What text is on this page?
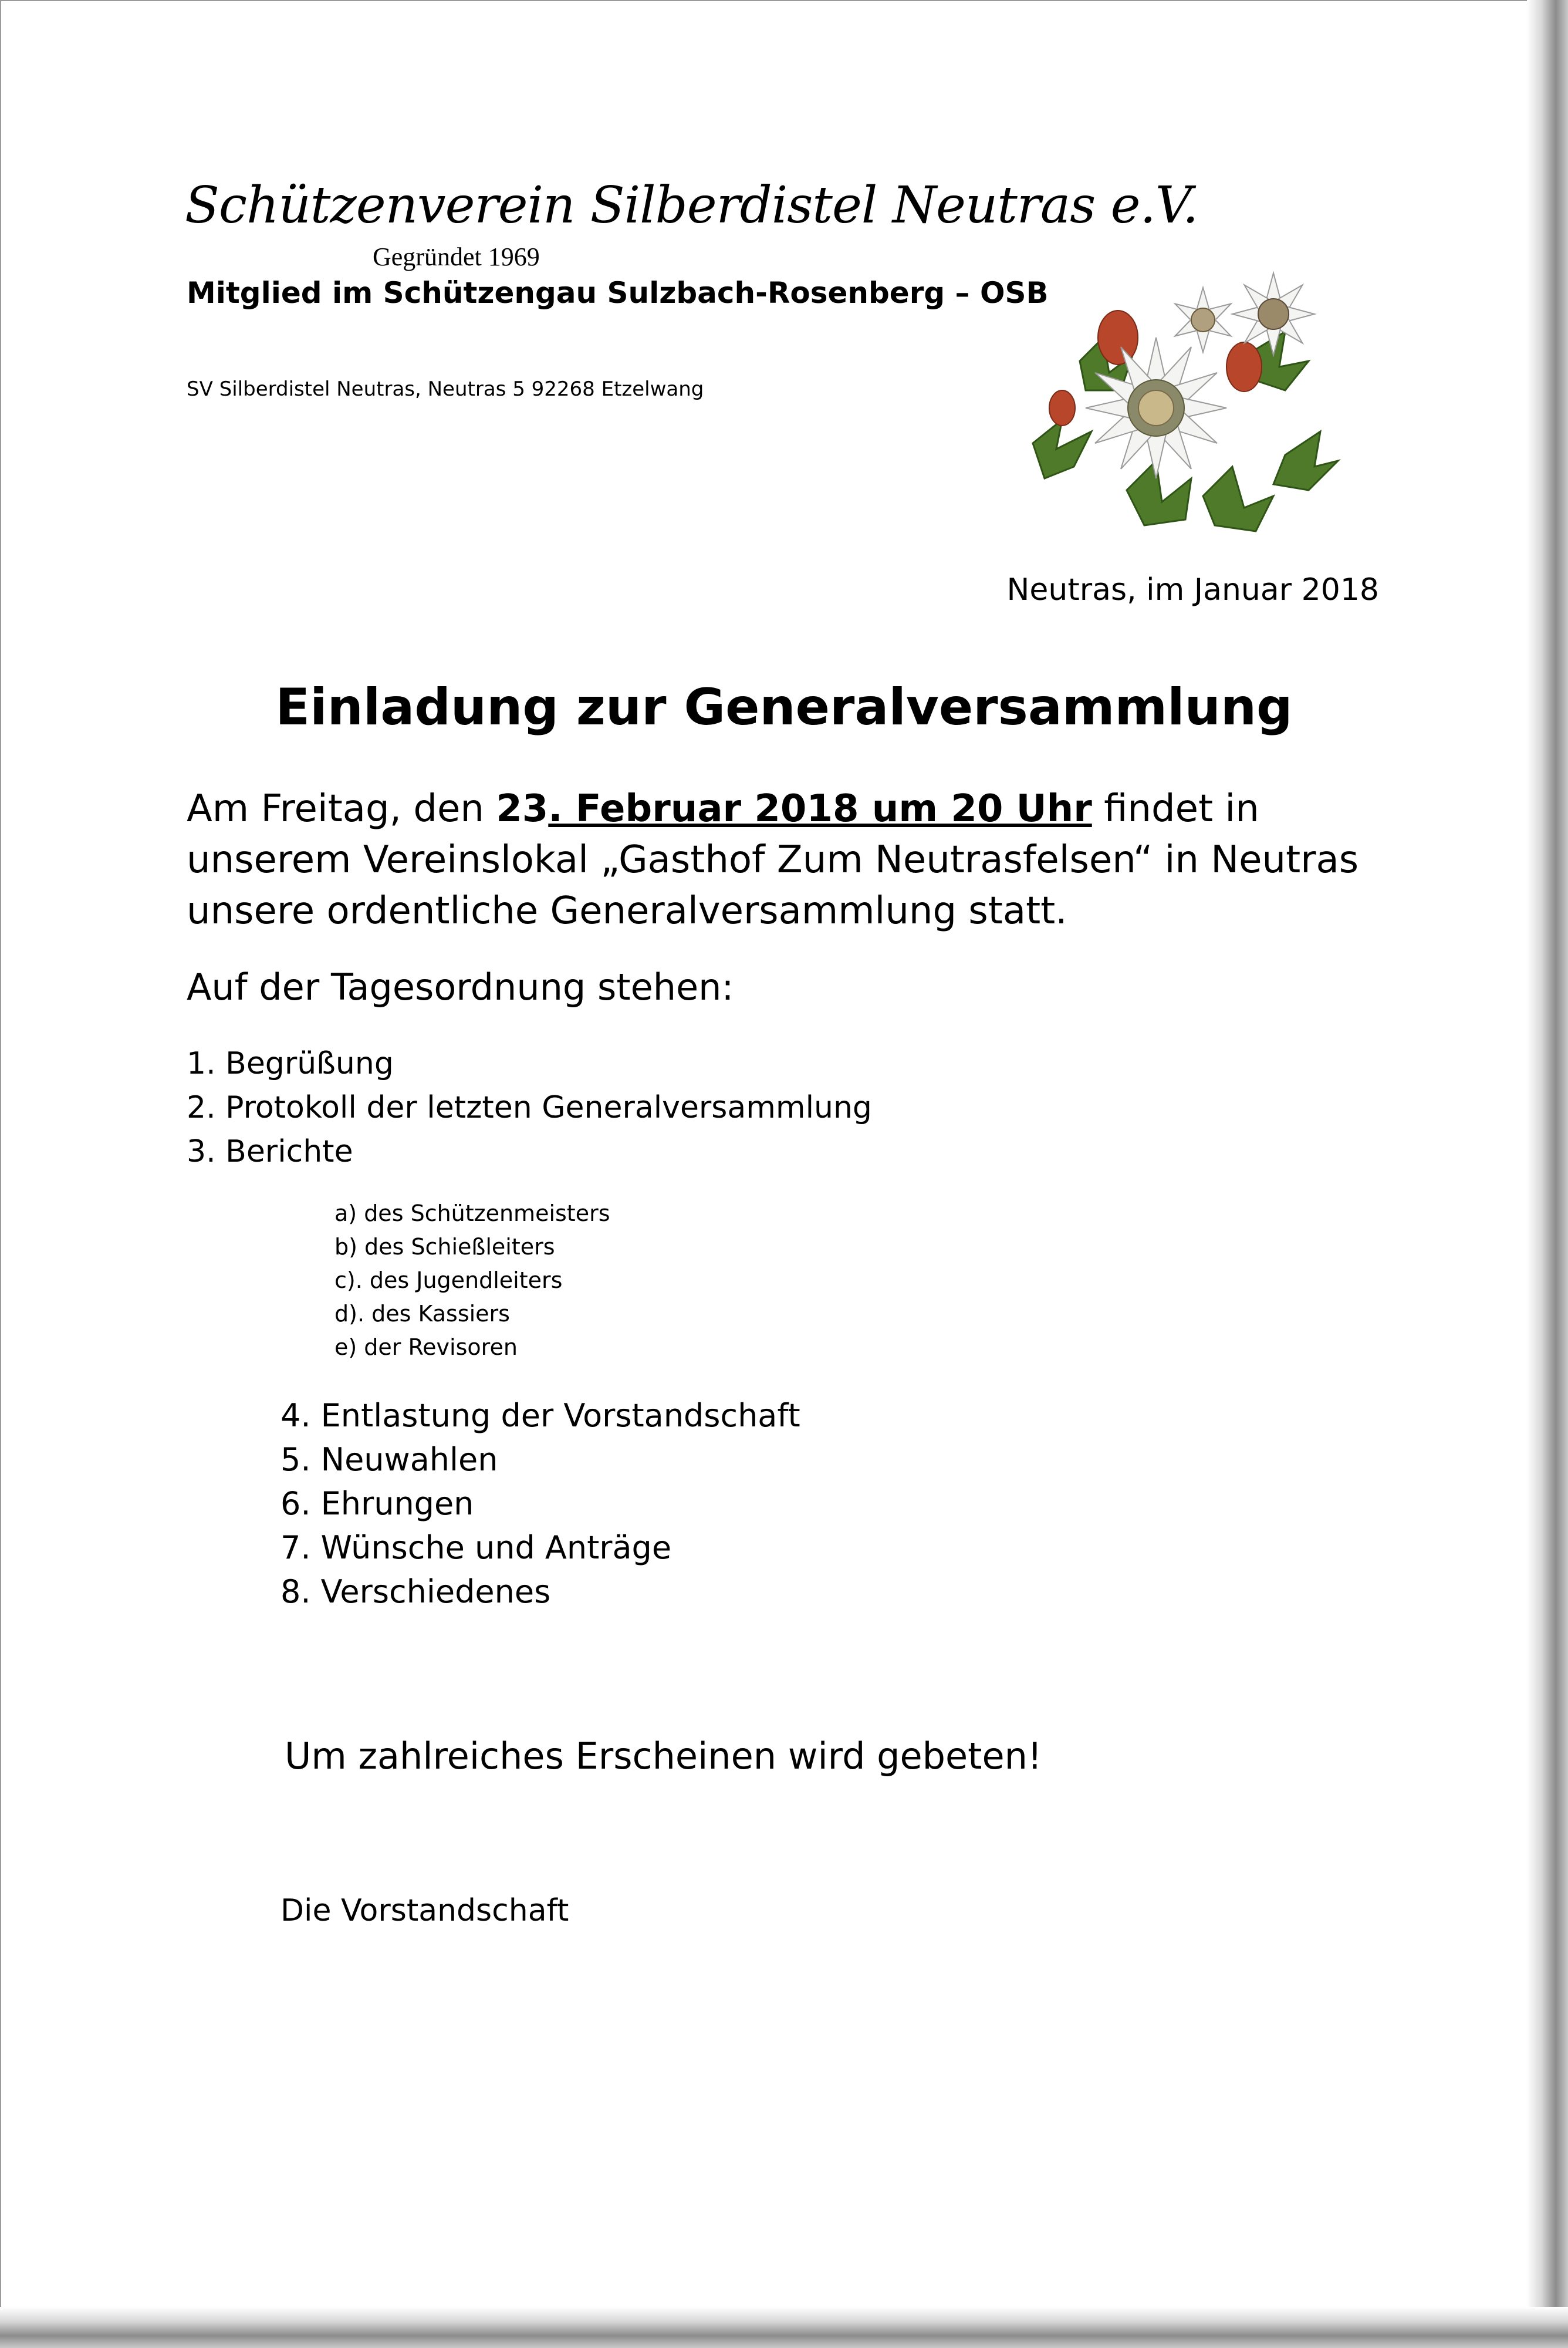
Schützenverein Silberdistel Neutras e.V.
Gegründet 1969
Mitglied im Schützengau Sulzbach-Rosenberg – OSB
SV Silberdistel Neutras, Neutras 5 92268 Etzelwang
Neutras, im Januar 2018
Einladung zur Generalversammlung
Am Freitag, den 23. Februar 2018 um 20 Uhr findet in unserem Vereinslokal „Gasthof Zum Neutrasfelsen“ in Neutras unsere ordentliche Generalversammlung statt.
Auf der Tagesordnung stehen:
1. Begrüßung
2. Protokoll der letzten Generalversammlung
3. Berichte
a) des Schützenmeisters
b) des Schießleiters
c). des Jugendleiters
d). des Kassiers
e) der Revisoren
4. Entlastung der Vorstandschaft
5. Neuwahlen
6. Ehrungen
7. Wünsche und Anträge
8. Verschiedenes
Um zahlreiches Erscheinen wird gebeten!
Die Vorstandschaft
